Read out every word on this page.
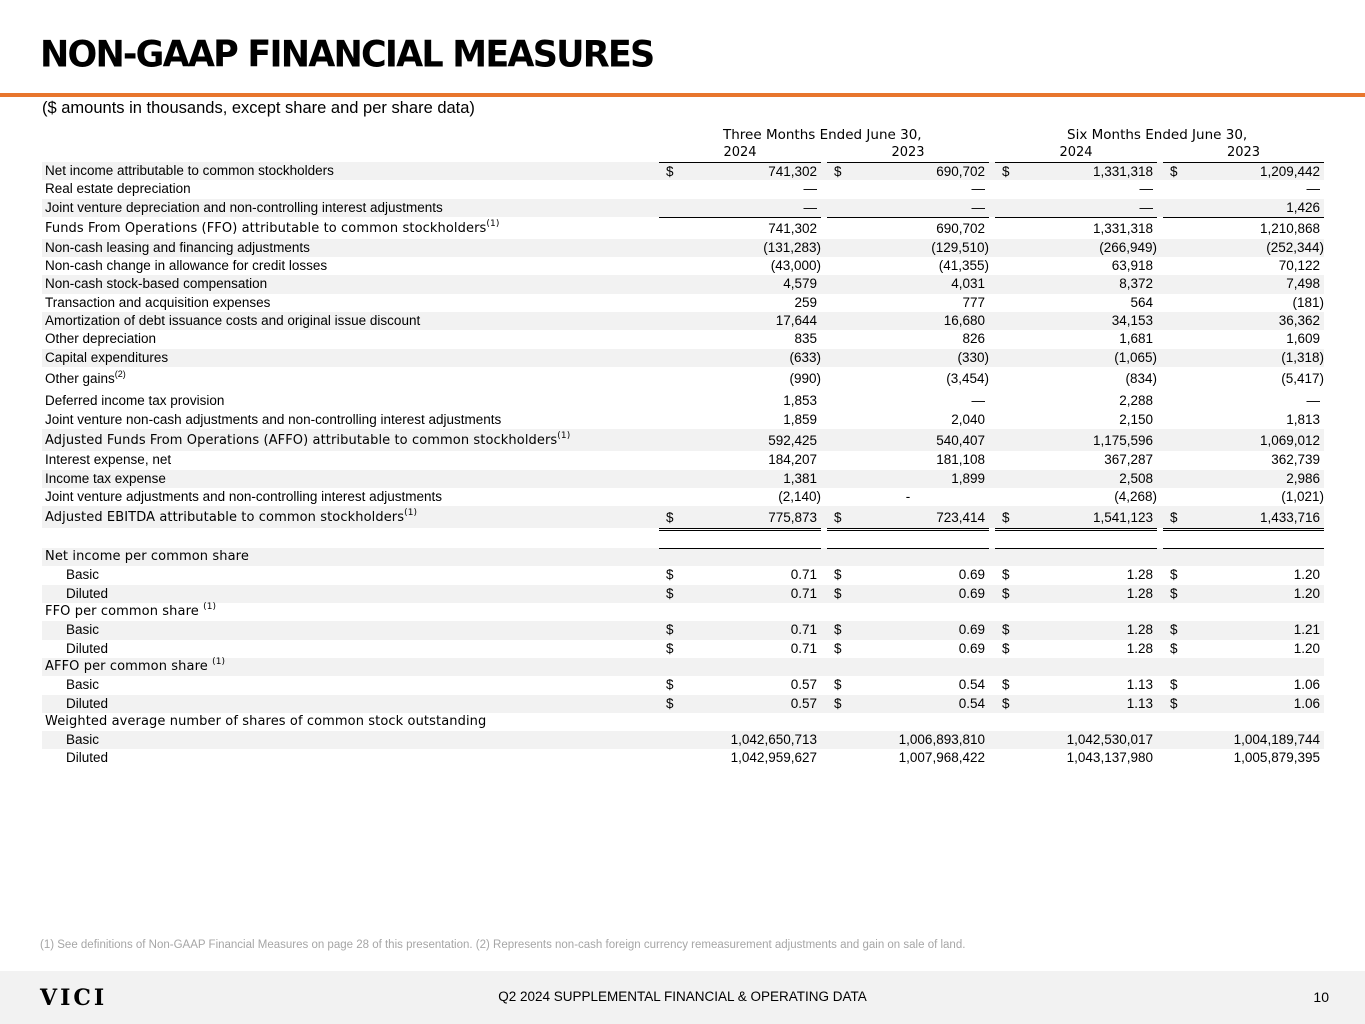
NON-GAAP FINANCIAL MEASURES
($ amounts in thousands, except share and per share data)
Three Months Ended June 30,	Six Months Ended June 30,
2024	2023	2024	2023
Net income attributable to common stockholders	$	741,302 $	690,702 $	1,331,318 $	1,209,442
Real estate depreciation	—	—	—	—
Joint venture depreciation and non-controlling interest adjustments	—	—	—	1,426
Funds From Operations (FFO) attributable to common stockholders$^{(1)}$	741,302	690,702	1,331,318	1,210,868
Non-cash leasing and financing adjustments	(131,283)	(129,510)	(266,949)	(252,344)
Non-cash change in allowance for credit losses	(43,000)	(41,355)	63,918	70,122
Non-cash stock-based compensation	4,579	4,031	8,372	7,498
Transaction and acquisition expenses	259	777	564	(181)
Amortization of debt issuance costs and original issue discount	17,644	16,680	34,153	36,362
Other depreciation	835	826	1,681	1,609
Capital expenditures	(633)	(330)	(1,065)	(1,318)
Other gains$^{(2)}$	(990)	(3,454)	(834)	(5,417)
Deferred income tax provision	1,853	—	2,288	—
Joint venture non-cash adjustments and non-controlling interest adjustments	1,859	2,040	2,150	1,813
Adjusted Funds From Operations (AFFO) attributable to common stockholders$^{(1)}$	592,425	540,407	1,175,596	1,069,012
Interest expense, net	184,207	181,108	367,287	362,739
Income tax expense	1,381	1,899	2,508	2,986
Joint venture adjustments and non-controlling interest adjustments	(2,140)	-	(4,268)	(1,021)
Adjusted EBITDA attributable to common stockholders$^{(1)}$	$	775,873 $	723,414 $	1,541,123 $	1,433,716
Net income per common share
Basic	$	0.71 $	0.69 $	1.28 $	1.20
Diluted	$	0.71 $	0.69 $	1.28 $	1.20
FFO per common share $^{(1)}$
Basic	$	0.71 $	0.69 $	1.28 $	1.21
Diluted	$	0.71 $	0.69 $	1.28 $	1.20
AFFO per common share $^{(1)}$
Basic	$	0.57 $	0.54 $	1.13 $	1.06
Diluted	$	0.57 $	0.54 $	1.13 $	1.06
Weighted average number of shares of common stock outstanding
Basic	1,042,650,713	1,006,893,810	1,042,530,017	1,004,189,744
Diluted	1,042,959,627	1,007,968,422	1,043,137,980	1,005,879,395
(1) See definitions of Non-GAAP Financial Measures on page 28 of this presentation. (2) Represents non-cash foreign currency remeasurement adjustments and gain on sale of land.
VICI	Q2 2024 SUPPLEMENTAL FINANCIAL & OPERATING DATA	10
